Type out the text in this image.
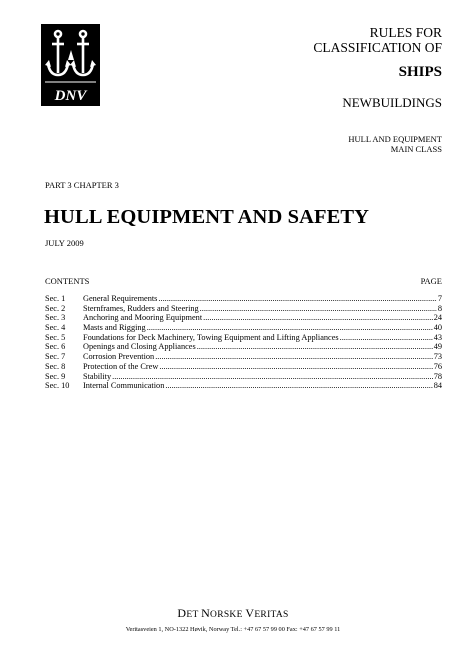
DNV
RULES FOR
CLASSIFICATION OF
SHIPS
NEWBUILDINGS
HULL AND EQUIPMENT
MAIN CLASS
PART 3 CHAPTER 3
HULL EQUIPMENT AND SAFETY
JULY 2009
CONTENTS	PAGE
Sec. 1	General Requirements .....	7
Sec. 2	Sternframes, Rudders and Steering .....	8
Sec. 3	Anchoring and Mooring Equipment .....	24
Sec. 4	Masts and Rigging .....	40
Sec. 5	Foundations for Deck Machinery, Towing Equipment and Lifting Appliances .....	43
Sec. 6	Openings and Closing Appliances .....	49
Sec. 7	Corrosion Prevention .....	73
Sec. 8	Protection of the Crew .....	76
Sec. 9	Stability .....	78
Sec. 10	Internal Communication .....	84
DET NORSKE VERITAS
Veritasveien 1, NO-1322 Høvik, Norway Tel.: +47 67 57 99 00 Fax: +47 67 57 99 11
